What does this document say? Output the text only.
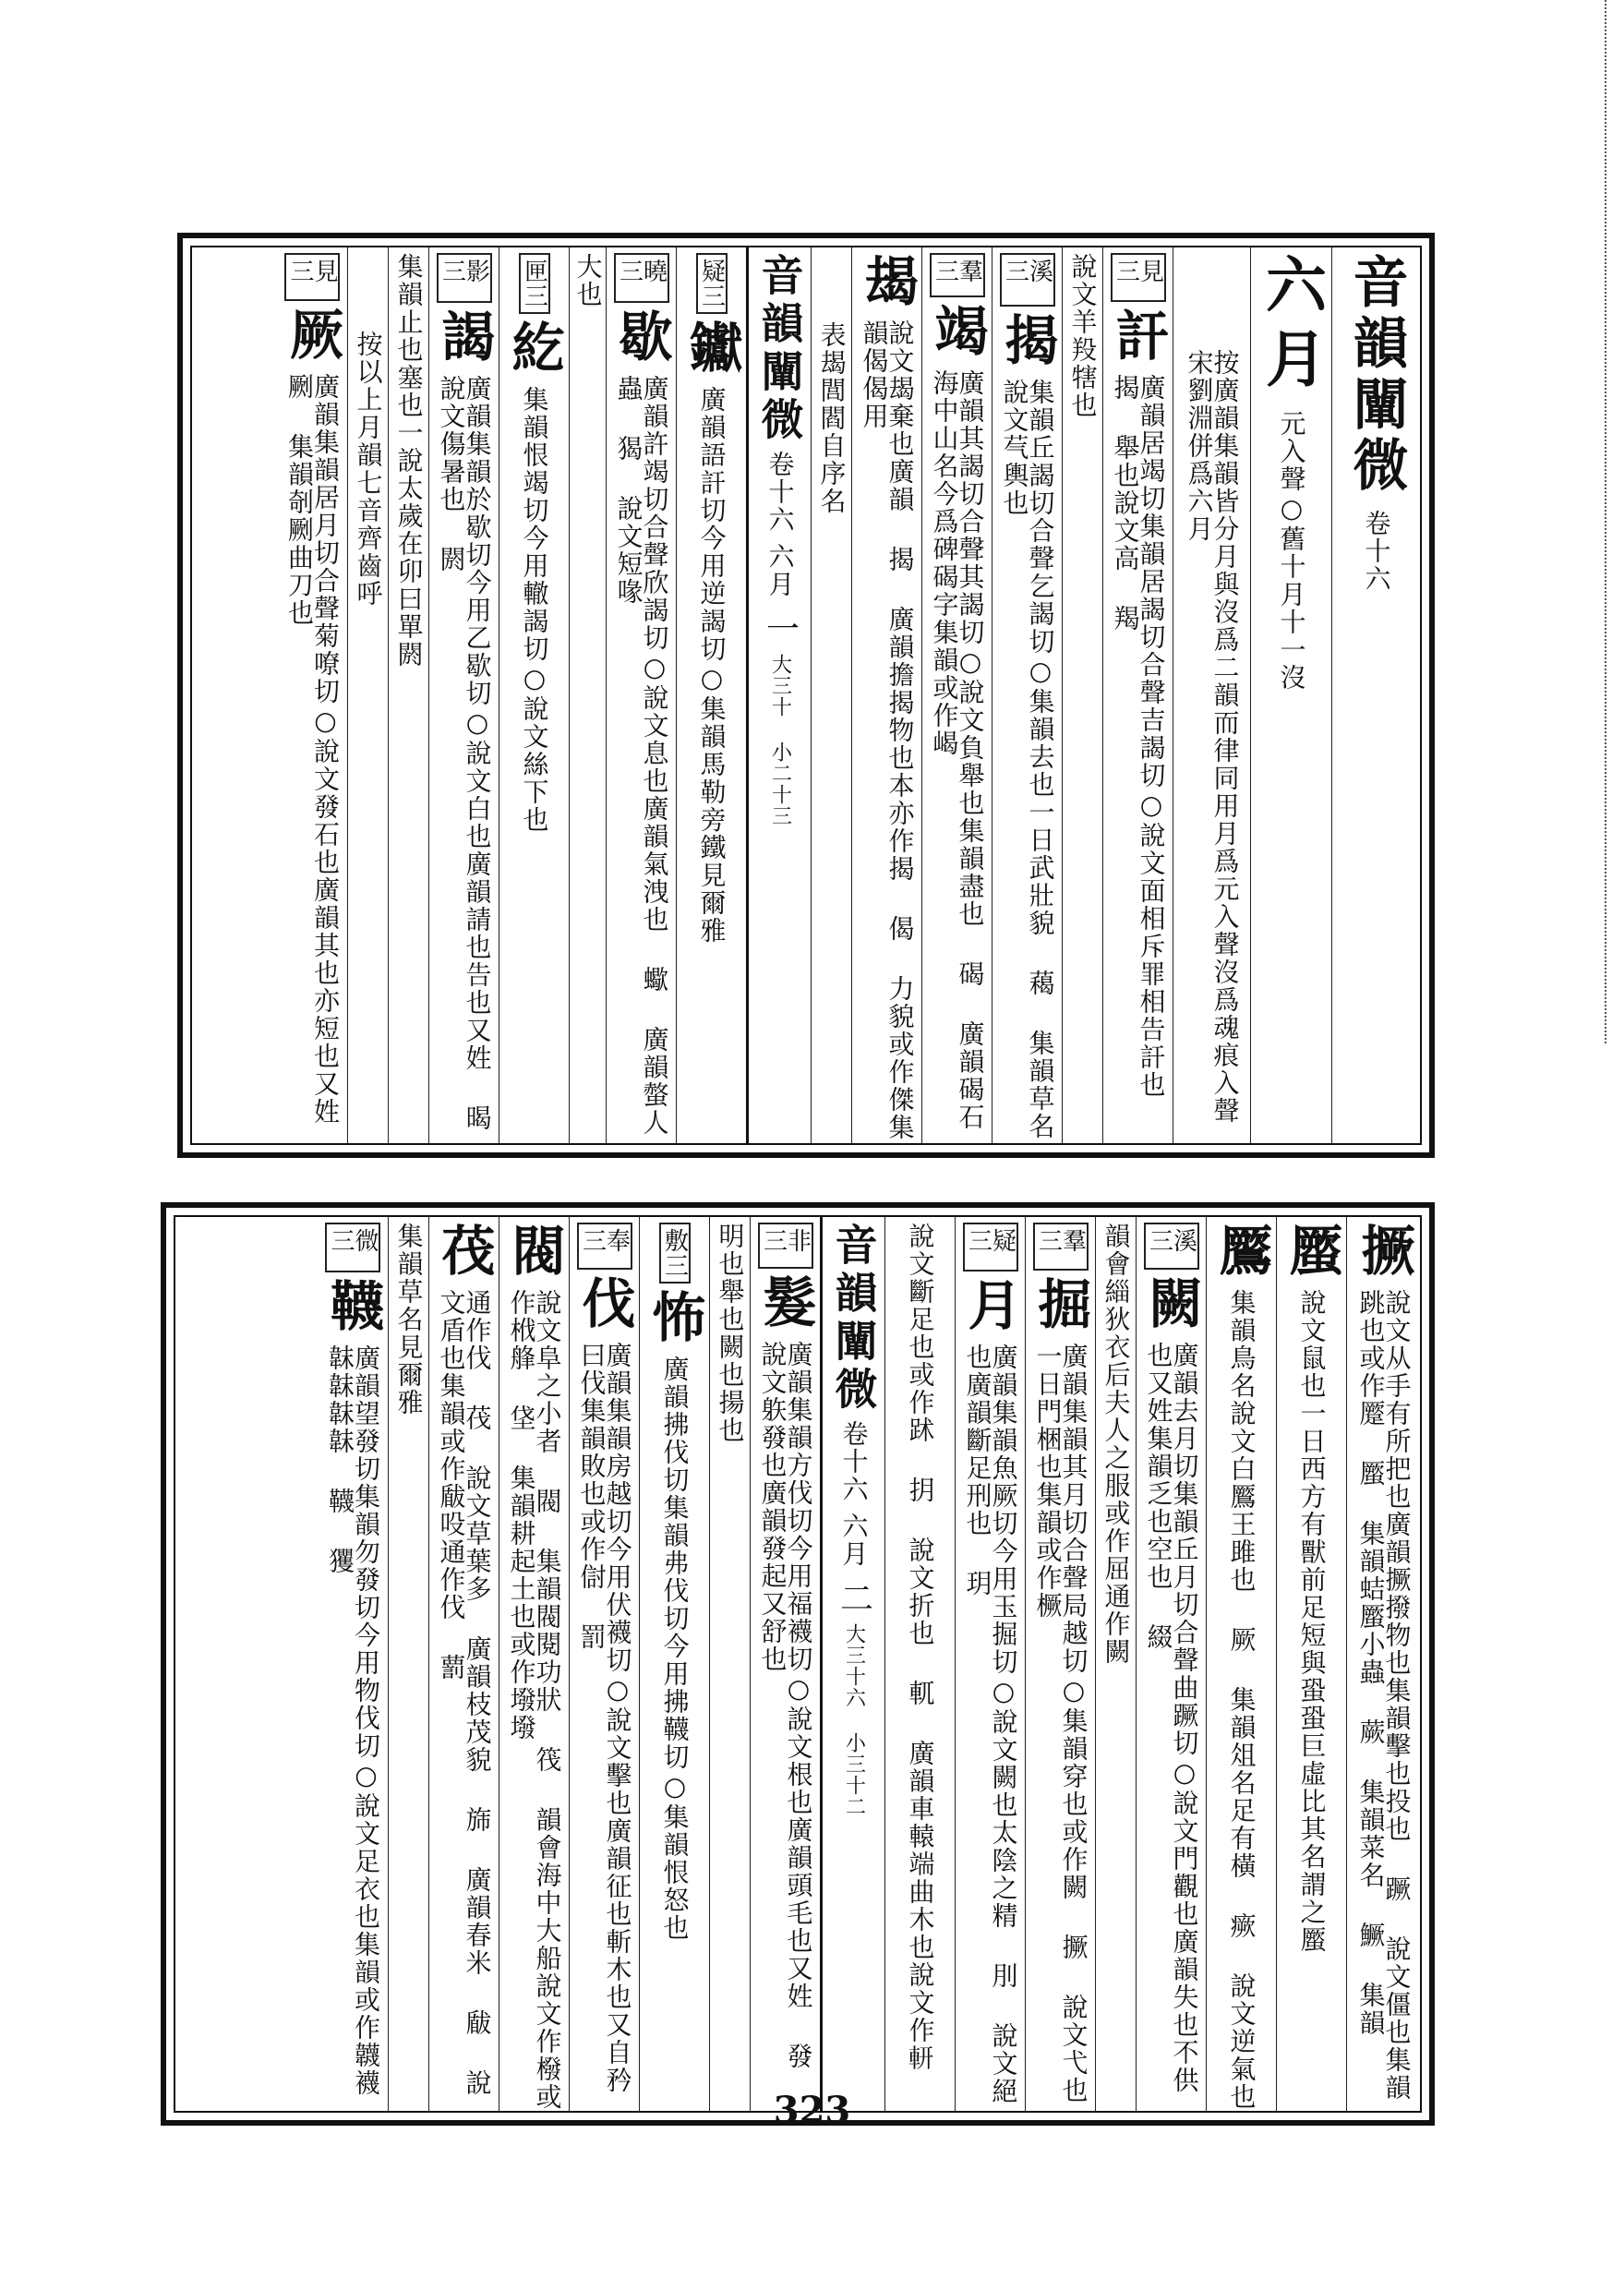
音韻闡微
卷十六
六月
元入聲○舊十月十一沒
按廣韻集韻皆分月與沒爲二韻而律同用月爲元入聲沒爲魂痕入聲宋劉淵併爲六月
見三
訐
廣韻居竭切集韻居謁切合聲吉謁切○說文面相斥罪相告訐也 揭 舉也說文高 羯
說文羊羖犗也
溪三
揭
集韻丘謁切合聲乞謁切○集韻去也一日武壯貌 藒 集韻草名說文芞輿也
羣三
竭
廣韻其謁切合聲其謁切○說文負舉也集韻盡也 碣 廣韻碣石海中山名今爲碑碣字集韻或作嵑
朅
說文朅棄也廣韻 揭 廣韻擔揭物也本亦作揭 偈 力貌或作傑集韻偈偈用
表朅閭閻自序名
音韻闡微
卷十六
六月
一
大三十 小二十三
疑三
钀
廣韻語訐切今用逆謁切○集韻馬勒旁鐵見爾雅
曉三
歇
廣韻許竭切合聲欣謁切○說文息也廣韻氣洩也 蠍 廣韻螫人蟲 猲 說文短喙
大也
匣三
紇
集韻恨竭切今用轍謁切○說文絲下也
影三
謁
廣韻集韻於歇切今用乙歇切○說文白也廣韻請也告也又姓 暍 說文傷暑也 閼
集韻止也塞也一說太歲在卯曰單閼
按以上月韻七音齊齒呼
見三
厥
廣韻集韻居月切合聲菊嘹切○說文發石也廣韻其也亦短也又姓 劂 集韻剞劂曲刀也
撅
說文从手有所把也廣韻撅撥物也集韻擊也投也 蹶 說文僵也集韻跳也或作蹷 蟨 集韻蛣蟨小蟲 蕨 集韻菜名 鱖 集韻
蟨
說文鼠也一日西方有獸前足短與蛩蛩巨虛比其名謂之蟨
鷢
集韻鳥名說文白鷢王雎也 厥 集韻俎名足有橫 瘚 說文逆氣也
溪三
闕
廣韻去月切集韻丘月切合聲曲蹶切○說文門觀也廣韻失也不供也又姓集韻乏也空也 綴
韻會緇狄衣后夫人之服或作屈通作闕
羣三
掘
廣韻集韻其月切合聲局越切○集韻穿也或作闕 撅 說文弋也一日門梱也集韻或作橛
疑三
月
廣韻集韻魚厥切今用玉掘切○說文闕也太陰之精 刖 說文絕也廣韻斷足刑也 玥
說文斷足也或作䟣 抈 說文折也 軏 廣韻車轅端曲木也說文作𨊻
音韻闡微
卷十六
六月
二
大三十六 小三十二
非三
髮
廣韻集韻方伐切今用福襪切○說文根也廣韻頭毛也又姓 發 說文䠶發也廣韻發起又舒也
明也舉也闕也揚也
敷三
怖
廣韻拂伐切集韻弗伐切今用拂韈切○集韻恨怒也
奉三
伐
廣韻集韻房越切今用伏襪切○說文擊也廣韻征也斬木也又自矜曰伐集韻敗也或作傠 罰
閥
說文阜之小者 閥 集韻閥閱功狀 筏 韻會海中大船說文作橃或作栰艂 垡 集韻耕起土也或作墢墢
茷
通作伐 茷 說文草葉多 廣韻枝茂貌 旆 廣韻春米 瞂 說文盾也集韻或作瞂吺通作伐 藅
集韻草名見爾雅
微三
韈
廣韻望發切集韻勿發切今用物伐切○說文足衣也集韻或作韤襪韎韎韎韎 韈 玃
323
